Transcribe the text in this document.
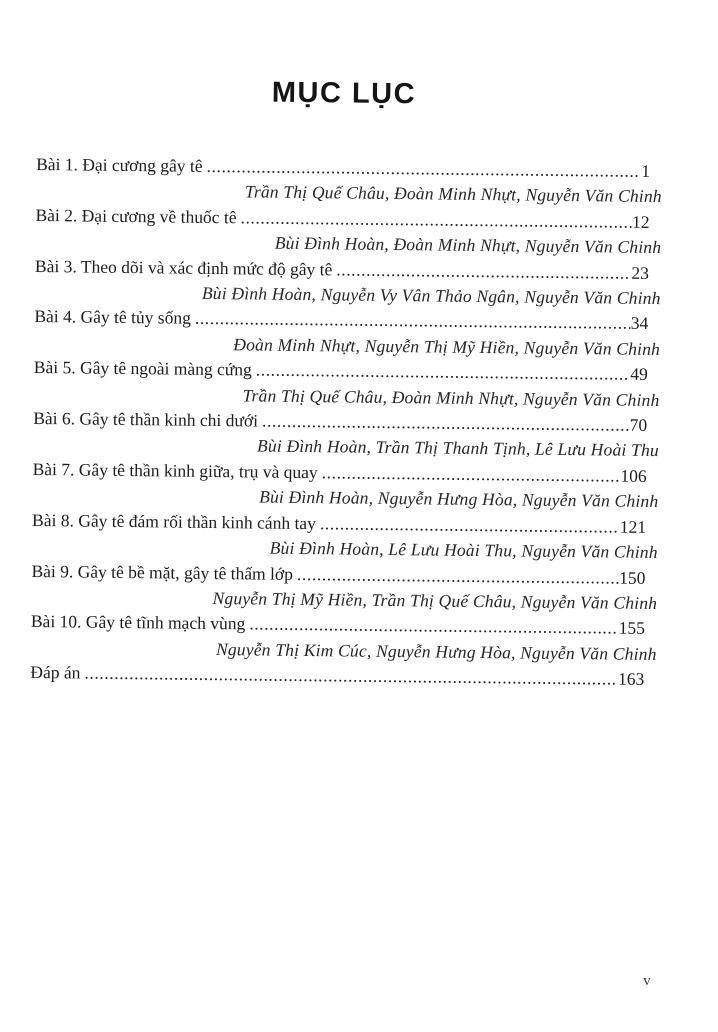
MỤC LỤC
Bài 1. Đại cương gây tê .....	1
Trần Thị Quế Châu, Đoàn Minh Nhựt, Nguyễn Văn Chinh
Bài 2. Đại cương về thuốc tê .....	12
Bùi Đình Hoàn, Đoàn Minh Nhựt, Nguyễn Văn Chinh
Bài 3. Theo dõi và xác định mức độ gây tê .....	23
Bùi Đình Hoàn, Nguyễn Vy Vân Thảo Ngân, Nguyễn Văn Chinh
Bài 4. Gây tê tủy sống .....	34
Đoàn Minh Nhựt, Nguyễn Thị Mỹ Hiền, Nguyễn Văn Chinh
Bài 5. Gây tê ngoài màng cứng .....	49
Trần Thị Quế Châu, Đoàn Minh Nhựt, Nguyễn Văn Chinh
Bài 6. Gây tê thần kinh chi dưới .....	70
Bùi Đình Hoàn, Trần Thị Thanh Tịnh, Lê Lưu Hoài Thu
Bài 7. Gây tê thần kinh giữa, trụ và quay .....	106
Bùi Đình Hoàn, Nguyễn Hưng Hòa, Nguyễn Văn Chinh
Bài 8. Gây tê đám rối thần kinh cánh tay .....	121
Bùi Đình Hoàn, Lê Lưu Hoài Thu, Nguyễn Văn Chinh
Bài 9. Gây tê bề mặt, gây tê thấm lớp .....	150
Nguyễn Thị Mỹ Hiền, Trần Thị Quế Châu, Nguyễn Văn Chinh
Bài 10. Gây tê tĩnh mạch vùng .....	155
Nguyễn Thị Kim Cúc, Nguyễn Hưng Hòa, Nguyễn Văn Chinh
Đáp án .....	163
v
